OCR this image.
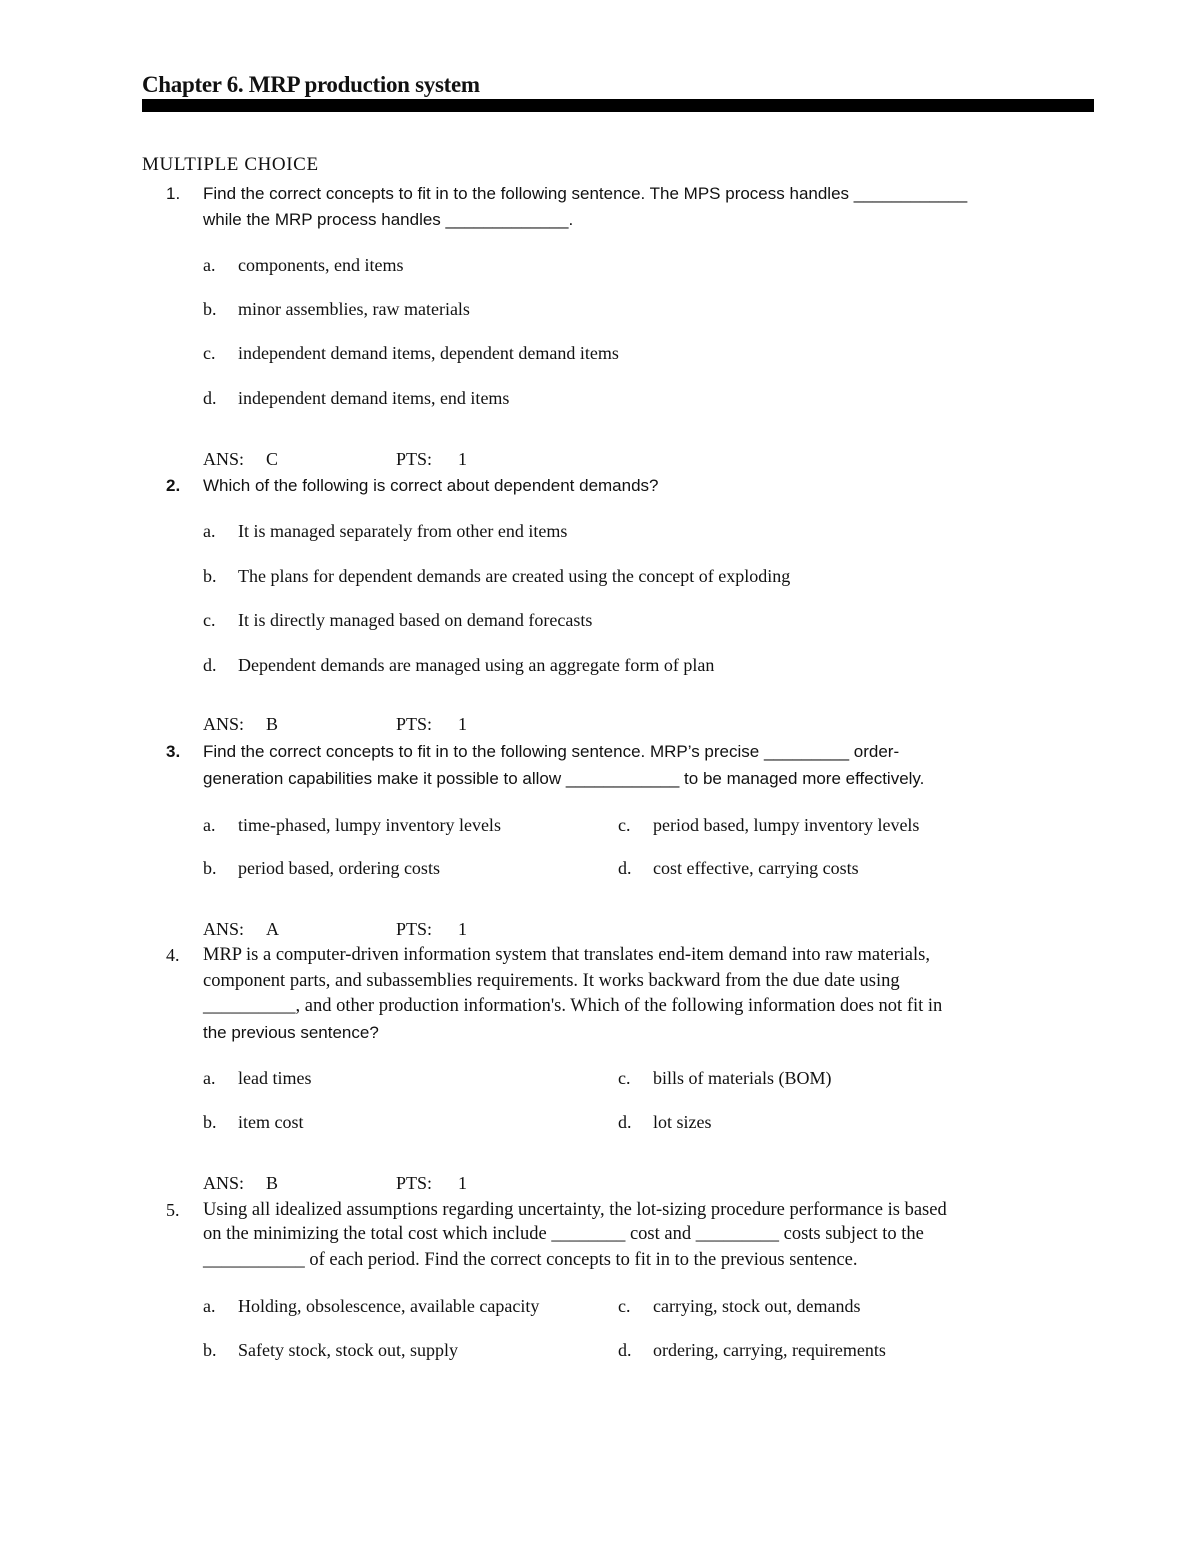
Chapter 6. MRP production system
MULTIPLE CHOICE
1.	Find the correct concepts to fit in to the following sentence. The MPS process handles ____________
while the MRP process handles _____________.
a. components, end items
b. minor assemblies, raw materials
c. independent demand items, dependent demand items
d. independent demand items, end items
ANS: C	PTS: 1
2.	Which of the following is correct about dependent demands?
a. It is managed separately from other end items
b. The plans for dependent demands are created using the concept of exploding
c. It is directly managed based on demand forecasts
d. Dependent demands are managed using an aggregate form of plan
ANS: B	PTS: 1
3.	Find the correct concepts to fit in to the following sentence. MRP’s precise _________ order-
generation capabilities make it possible to allow ____________ to be managed more effectively.
a. time-phased, lumpy inventory levels	c. period based, lumpy inventory levels
b. period based, ordering costs	d. cost effective, carrying costs
ANS: A	PTS: 1
4.	MRP is a computer-driven information system that translates end-item demand into raw materials,
component parts, and subassemblies requirements. It works backward from the due date using
__________, and other production information's. Which of the following information does not fit in
the previous sentence?
a. lead times	c. bills of materials (BOM)
b. item cost	d. lot sizes
ANS: B	PTS: 1
5.	Using all idealized assumptions regarding uncertainty, the lot-sizing procedure performance is based
on the minimizing the total cost which include ________ cost and _________ costs subject to the
___________ of each period. Find the correct concepts to fit in to the previous sentence.
a. Holding, obsolescence, available capacity	c. carrying, stock out, demands
b. Safety stock, stock out, supply	d. ordering, carrying, requirements
